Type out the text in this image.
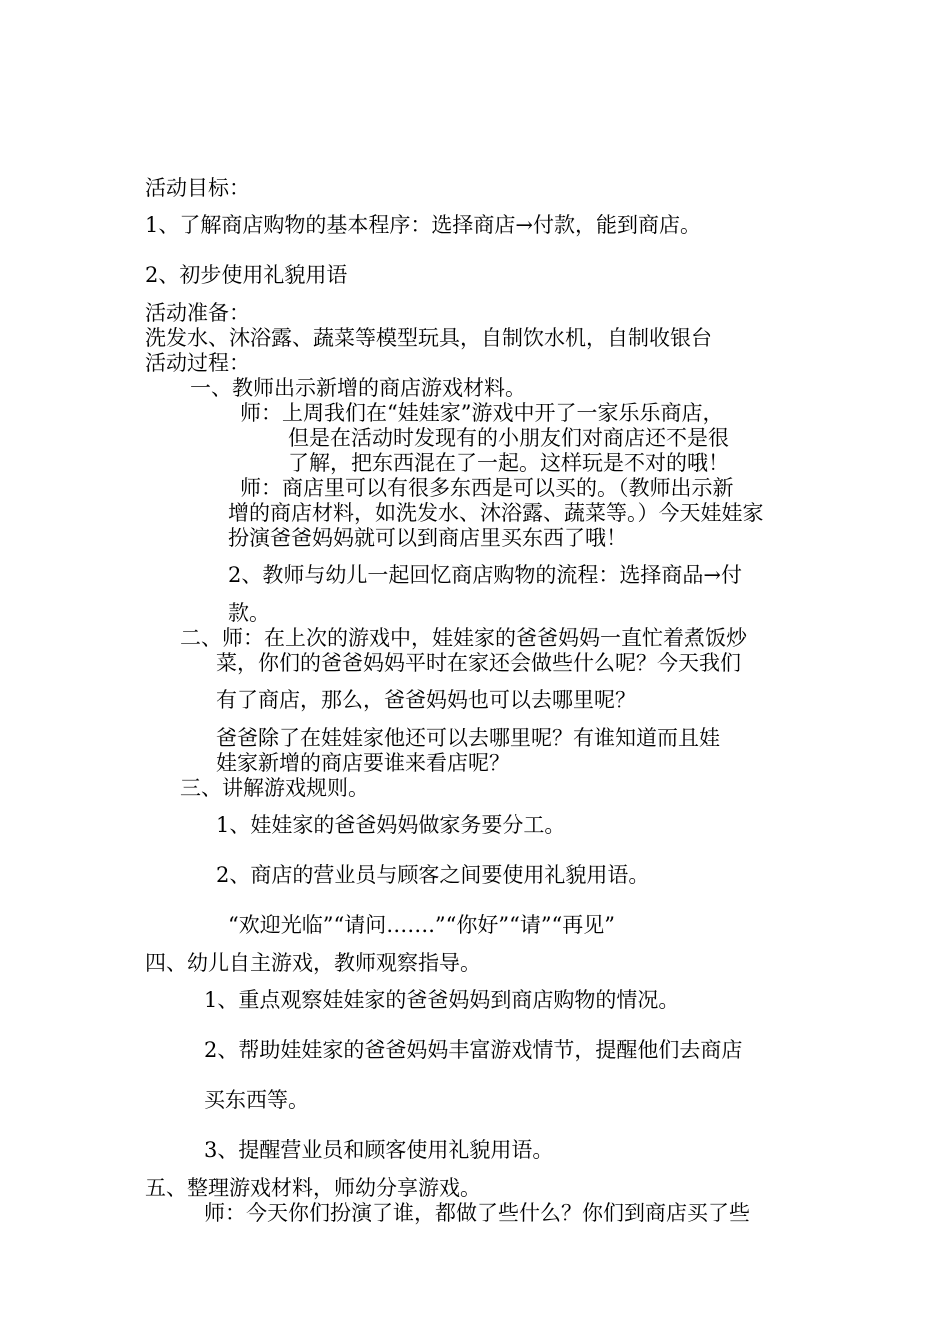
活动目标：
1、了解商店购物的基本程序：选择商店→付款，能到商店。
2、初步使用礼貌用语
活动准备：
洗发水、沐浴露、蔬菜等模型玩具，自制饮水机，自制收银台
活动过程：
一、教师出示新增的商店游戏材料。
师：上周我们在“娃娃家”游戏中开了一家乐乐商店，
但是在活动时发现有的小朋友们对商店还不是很
了解，把东西混在了一起。这样玩是不对的哦！
师：商店里可以有很多东西是可以买的。（教师出示新
增的商店材料，如洗发水、沐浴露、蔬菜等。）今天娃娃家
扮演爸爸妈妈就可以到商店里买东西了哦！
2、教师与幼儿一起回忆商店购物的流程：选择商品→付
款。
二、师：在上次的游戏中，娃娃家的爸爸妈妈一直忙着煮饭炒
菜，你们的爸爸妈妈平时在家还会做些什么呢？今天我们
有了商店，那么，爸爸妈妈也可以去哪里呢？
爸爸除了在娃娃家他还可以去哪里呢？有谁知道而且娃
娃家新增的商店要谁来看店呢？
三、讲解游戏规则。
1、娃娃家的爸爸妈妈做家务要分工。
2、商店的营业员与顾客之间要使用礼貌用语。
“欢迎光临”“请问…….”“你好”“请”“再见”
四、幼儿自主游戏，教师观察指导。
1、重点观察娃娃家的爸爸妈妈到商店购物的情况。
2、帮助娃娃家的爸爸妈妈丰富游戏情节，提醒他们去商店
买东西等。
3、提醒营业员和顾客使用礼貌用语。
五、整理游戏材料，师幼分享游戏。
师：今天你们扮演了谁，都做了些什么？你们到商店买了些
